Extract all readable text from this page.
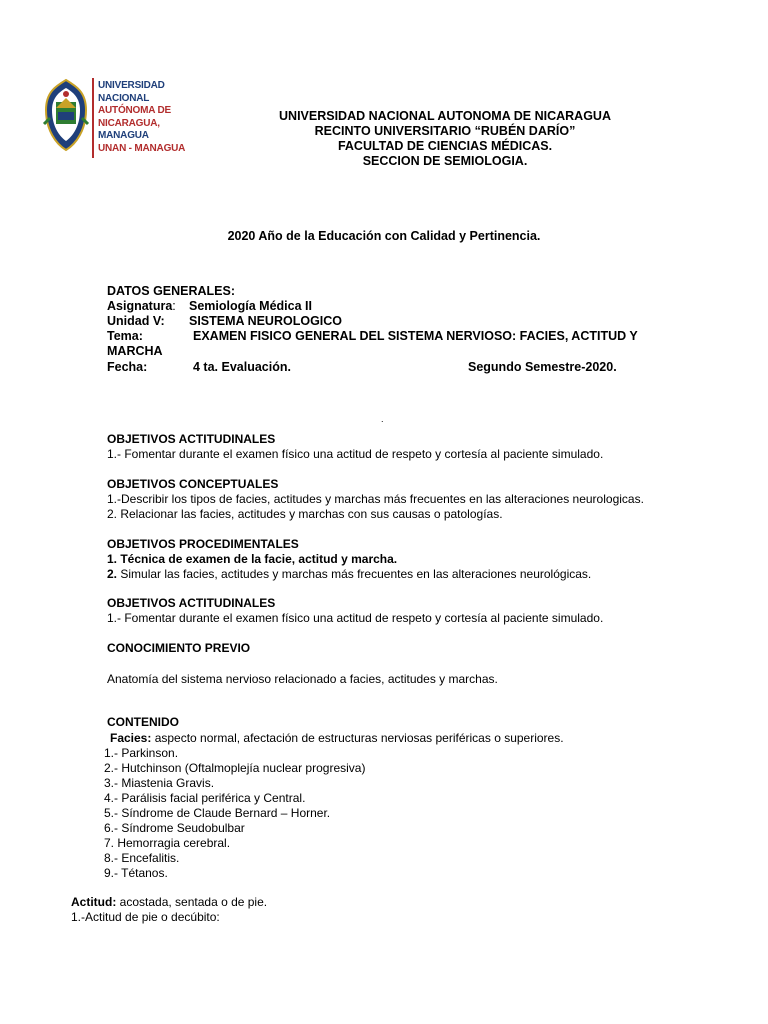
UNIVERSIDAD
NACIONAL
AUTÓNOMA DE
NICARAGUA,
MANAGUA
UNAN - MANAGUA
UNIVERSIDAD NACIONAL AUTONOMA DE NICARAGUA
RECINTO UNIVERSITARIO “RUBÉN DARÍO”
FACULTAD DE CIENCIAS MÉDICAS.
SECCION DE SEMIOLOGIA.
2020 Año de la Educación con Calidad y Pertinencia.
DATOS GENERALES:
Asignatura: Semiología Médica II
Unidad V: SISTEMA NEUROLOGICO
Tema:	EXAMEN FISICO GENERAL DEL SISTEMA NERVIOSO: FACIES, ACTITUD Y
MARCHA
Fecha:	4 ta. Evaluación.	Segundo Semestre-2020.
.
OBJETIVOS ACTITUDINALES
1.- Fomentar durante el examen físico una actitud de respeto y cortesía al paciente simulado.
OBJETIVOS CONCEPTUALES
1.-Describir los tipos de facies, actitudes y marchas más frecuentes en las alteraciones neurologicas.
2. Relacionar las facies, actitudes y marchas con sus causas o patologías.
OBJETIVOS PROCEDIMENTALES
1. Técnica de examen de la facie, actitud y marcha.
2. Simular las facies, actitudes y marchas más frecuentes en las alteraciones neurológicas.
OBJETIVOS ACTITUDINALES
1.- Fomentar durante el examen físico una actitud de respeto y cortesía al paciente simulado.
CONOCIMIENTO PREVIO
Anatomía del sistema nervioso relacionado a facies, actitudes y marchas.
CONTENIDO
Facies: aspecto normal, afectación de estructuras nerviosas periféricas o superiores.
1.- Parkinson.
2.- Hutchinson (Oftalmoplejía nuclear progresiva)
3.- Miastenia Gravis.
4.- Parálisis facial periférica y Central.
5.- Síndrome de Claude Bernard – Horner.
6.- Síndrome Seudobulbar
7. Hemorragia cerebral.
8.- Encefalitis.
9.- Tétanos.
Actitud: acostada, sentada o de pie.
1.-Actitud de pie o decúbito:
